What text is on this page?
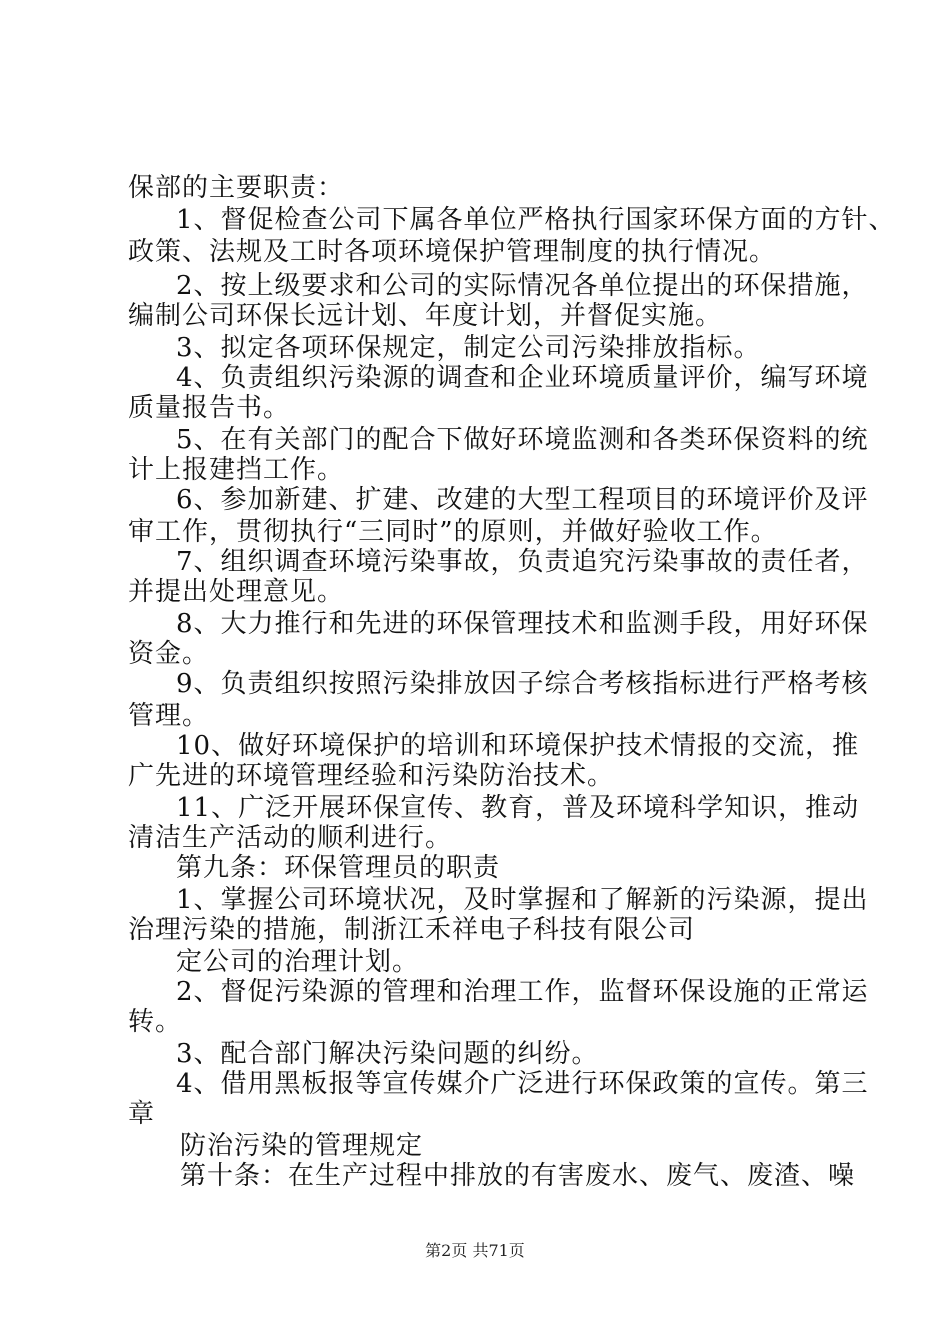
保部的主要职责：

1、督促检查公司下属各单位严格执行国家环保方面的方针、

政策、法规及工时各项环境保护管理制度的执行情况。

2、按上级要求和公司的实际情况各单位提出的环保措施，

编制公司环保长远计划、年度计划，并督促实施。

3、拟定各项环保规定，制定公司污染排放指标。

4、负责组织污染源的调查和企业环境质量评价，编写环境

质量报告书。

5、在有关部门的配合下做好环境监测和各类环保资料的统

计上报建挡工作。

6、参加新建、扩建、改建的大型工程项目的环境评价及评

审工作，贯彻执行“三同时”的原则，并做好验收工作。

7、组织调查环境污染事故，负责追究污染事故的责任者，

并提出处理意见。

8、大力推行和先进的环保管理技术和监测手段，用好环保

资金。

9、负责组织按照污染排放因子综合考核指标进行严格考核

管理。

10、做好环境保护的培训和环境保护技术情报的交流，推

广先进的环境管理经验和污染防治技术。

11、广泛开展环保宣传、教育，普及环境科学知识，推动

清洁生产活动的顺利进行。

第九条：环保管理员的职责

1、掌握公司环境状况，及时掌握和了解新的污染源，提出

治理污染的措施，制浙江禾祥电子科技有限公司

定公司的治理计划。

2、督促污染源的管理和治理工作，监督环保设施的正常运

转。

3、配合部门解决污染问题的纠纷。

4、借用黑板报等宣传媒介广泛进行环保政策的宣传。第三

章

防治污染的管理规定

第十条：在生产过程中排放的有害废水、废气、废渣、噪

第2页 共71页
